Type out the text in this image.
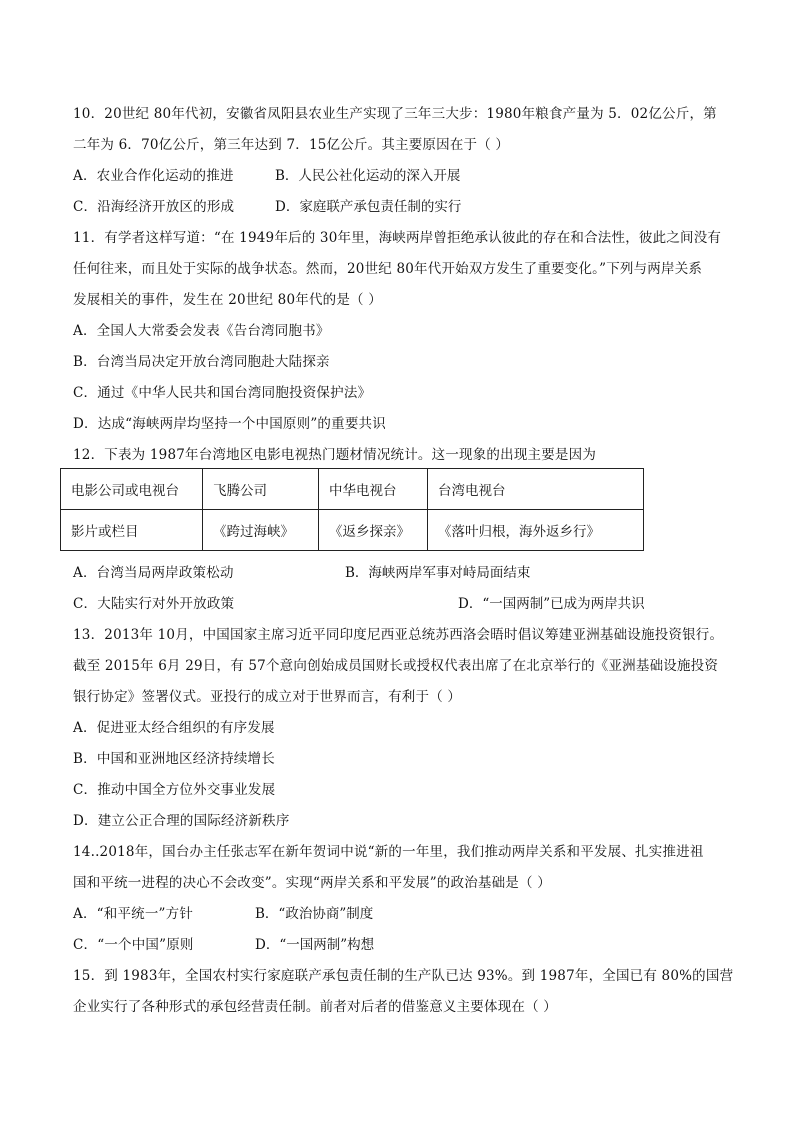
10．20世纪 80年代初，安徽省凤阳县农业生产实现了三年三大步：1980年粮食产量为 5．02亿公斤，第
二年为 6．70亿公斤，第三年达到 7．15亿公斤。其主要原因在于（ ）
A．农业合作化运动的推进	B．人民公社化运动的深入开展
C．沿海经济开放区的形成	D．家庭联产承包责任制的实行
11．有学者这样写道：“在 1949年后的 30年里，海峡两岸曾拒绝承认彼此的存在和合法性，彼此之间没有
任何往来，而且处于实际的战争状态。然而，20世纪 80年代开始双方发生了重要变化。”下列与两岸关系
发展相关的事件，发生在 20世纪 80年代的是（ ）
A．全国人大常委会发表《告台湾同胞书》
B．台湾当局决定开放台湾同胞赴大陆探亲
C．通过《中华人民共和国台湾同胞投资保护法》
D．达成“海峡两岸均坚持一个中国原则”的重要共识
12．下表为 1987年台湾地区电影电视热门题材情况统计。这一现象的出现主要是因为
电影公司或电视台	飞腾公司	中华电视台	台湾电视台
影片或栏目	《跨过海峡》	《返乡探亲》	《落叶归根，海外返乡行》
A．台湾当局两岸政策松动	B．海峡两岸军事对峙局面结束
C．大陆实行对外开放政策	D．“一国两制”已成为两岸共识
13．2013年 10月，中国国家主席习近平同印度尼西亚总统苏西洛会晤时倡议筹建亚洲基础设施投资银行。
截至 2015年 6月 29日，有 57个意向创始成员国财长或授权代表出席了在北京举行的《亚洲基础设施投资
银行协定》签署仪式。亚投行的成立对于世界而言，有利于（ ）
A．促进亚太经合组织的有序发展
B．中国和亚洲地区经济持续增长
C．推动中国全方位外交事业发展
D．建立公正合理的国际经济新秩序
14..2018年，国台办主任张志军在新年贺词中说“新的一年里，我们推动两岸关系和平发展、扎实推进祖
国和平统一进程的决心不会改变”。实现“两岸关系和平发展”的政治基础是（ ）
A．“和平统一”方针	B．“政治协商”制度
C．“一个中国”原则	D．“一国两制”构想
15．到 1983年，全国农村实行家庭联产承包责任制的生产队已达 93%。到 1987年，全国已有 80%的国营
企业实行了各种形式的承包经营责任制。前者对后者的借鉴意义主要体现在（ ）
